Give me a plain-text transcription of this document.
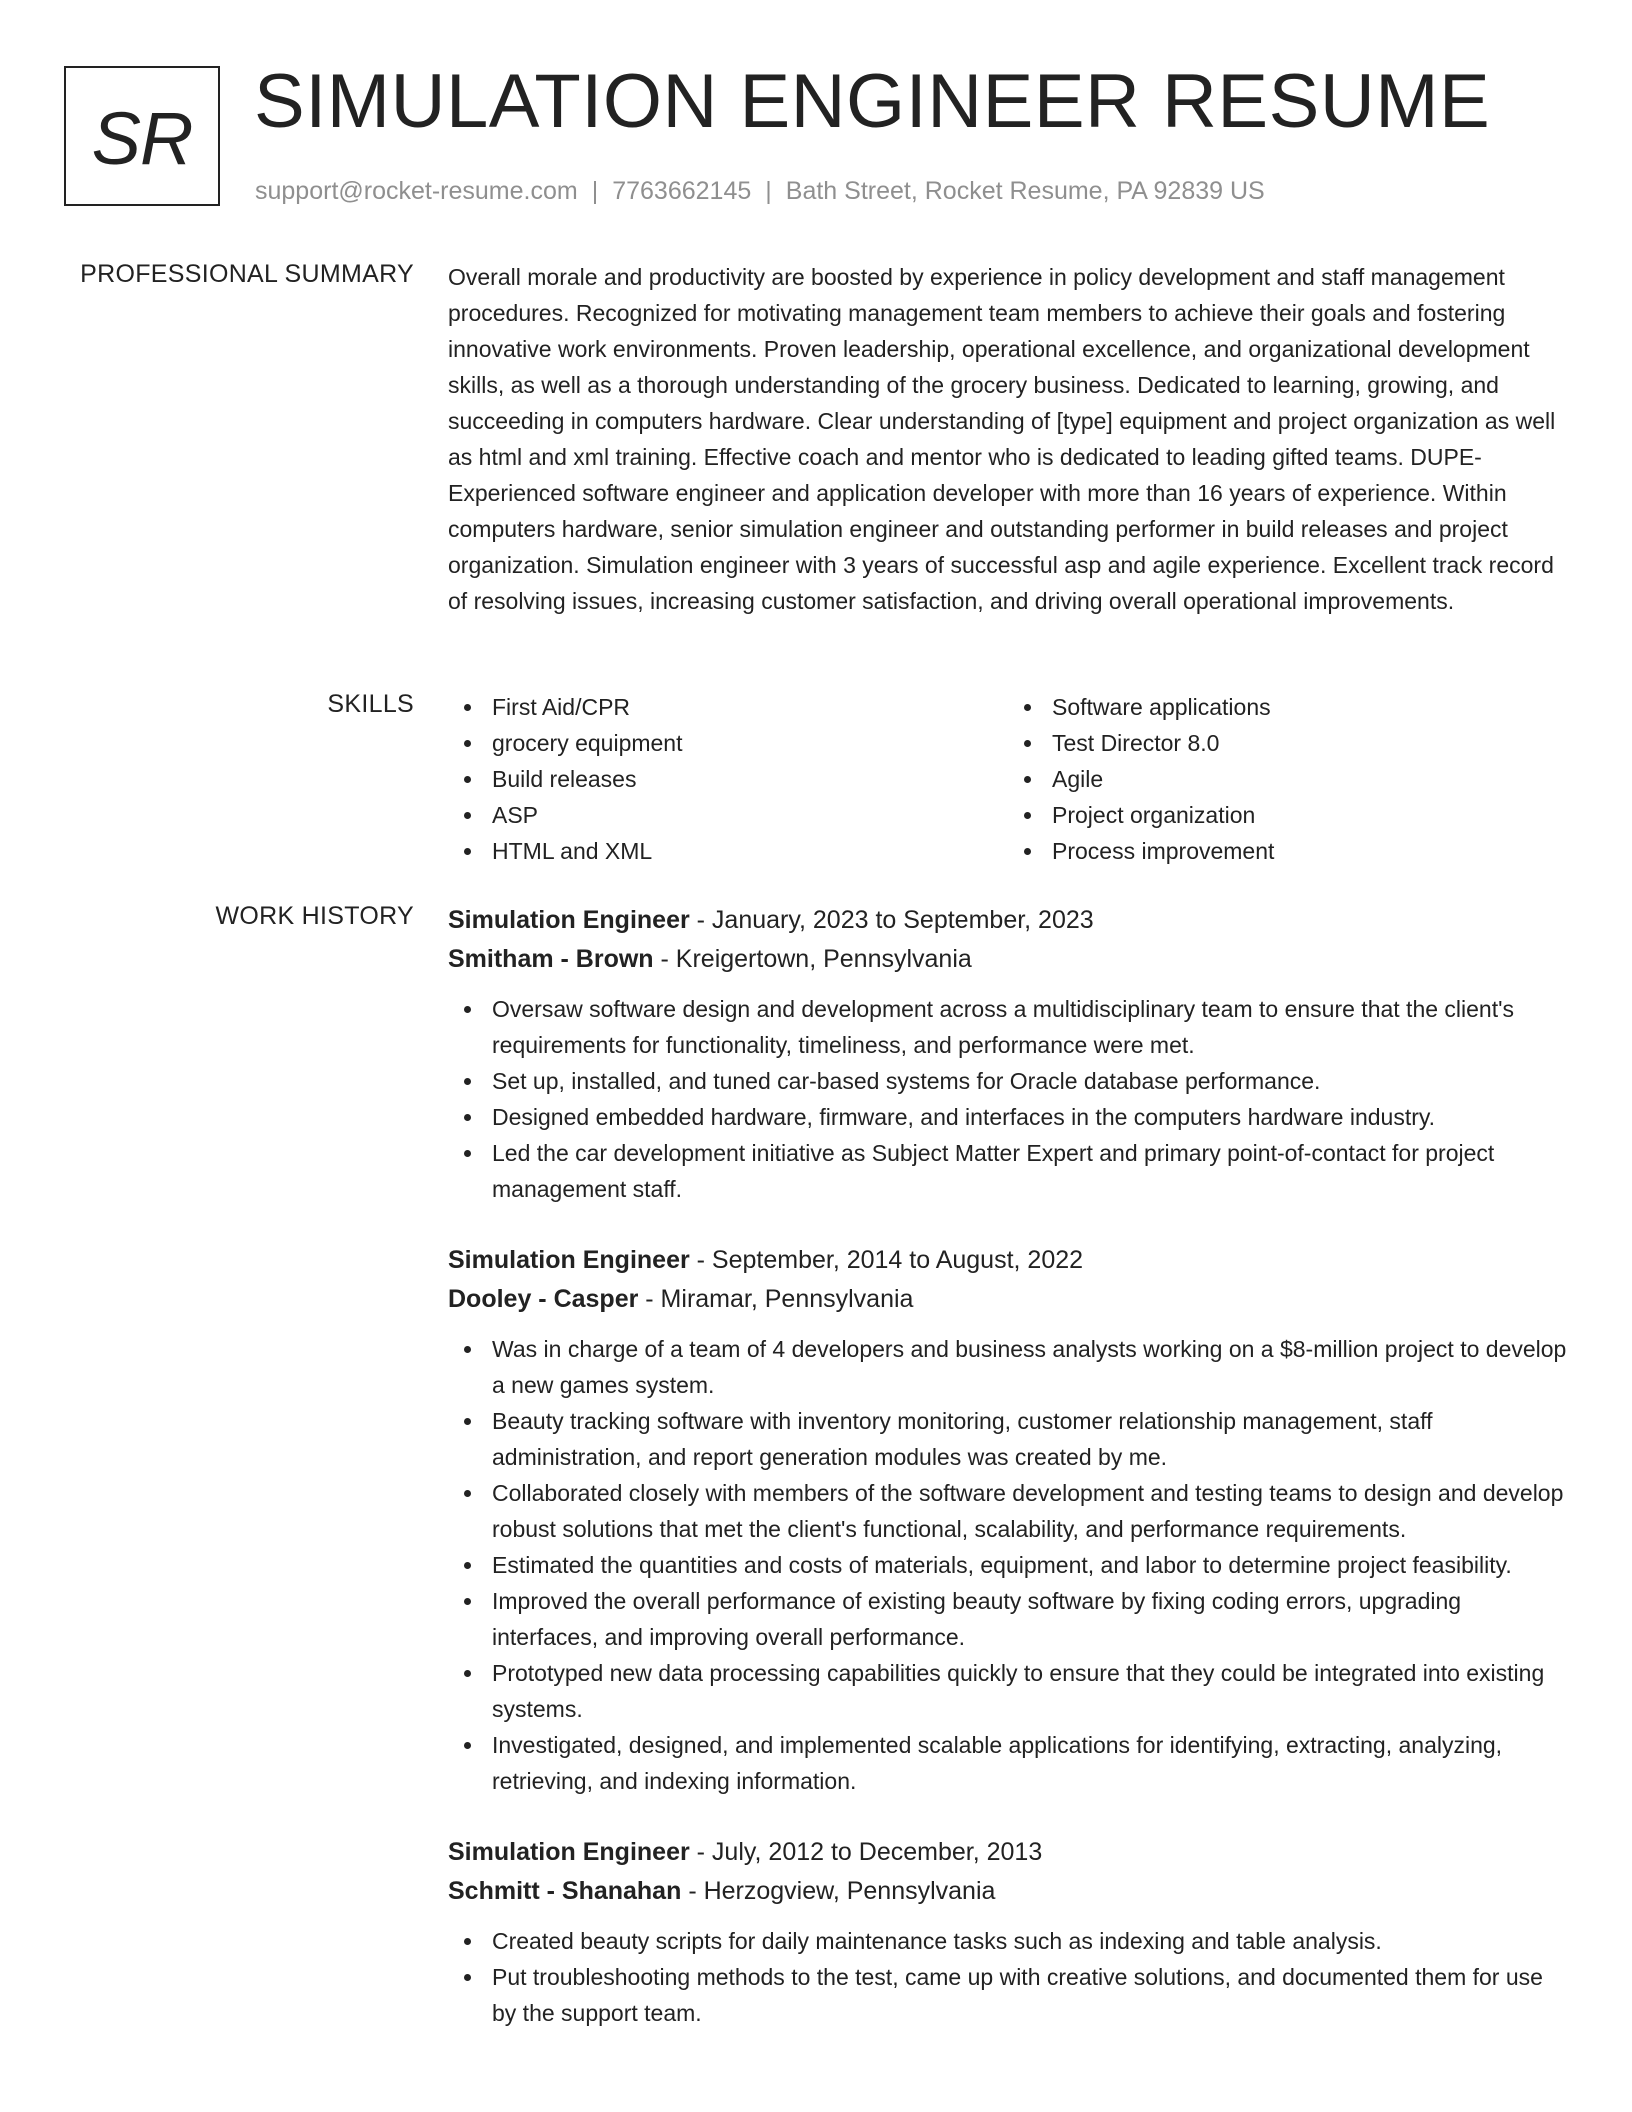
SR SIMULATION ENGINEER RESUME
support@rocket-resume.com | 7763662145 | Bath Street, Rocket Resume, PA 92839 US
PROFESSIONAL SUMMARY Overall morale and productivity are boosted by experience in policy development and staff management procedures. Recognized for motivating management team members to achieve their goals and fostering innovative work environments. Proven leadership, operational excellence, and organizational development skills, as well as a thorough understanding of the grocery business. Dedicated to learning, growing, and succeeding in computers hardware. Clear understanding of [type] equipment and project organization as well as html and xml training. Effective coach and mentor who is dedicated to leading gifted teams. DUPE- Experienced software engineer and application developer with more than 16 years of experience. Within computers hardware, senior simulation engineer and outstanding performer in build releases and project organization. Simulation engineer with 3 years of successful asp and agile experience. Excellent track record of resolving issues, increasing customer satisfaction, and driving overall operational improvements.

SKILLS	First Aid/CPR
grocery equipment
Build releases
ASP
HTML and XML
Software applications
Test Director 8.0
Agile
Project organization
Process improvement
WORK HISTORY Simulation Engineer - January, 2023 to September, 2023
Smitham - Brown - Kreigertown, Pennsylvania
Oversaw software design and development across a multidisciplinary team to ensure that the client's requirements for functionality, timeliness, and performance were met.
Set up, installed, and tuned car-based systems for Oracle database performance.
Designed embedded hardware, firmware, and interfaces in the computers hardware industry.
Led the car development initiative as Subject Matter Expert and primary point-of-contact for project management staff.
Simulation Engineer - September, 2014 to August, 2022
Dooley - Casper - Miramar, Pennsylvania
Was in charge of a team of 4 developers and business analysts working on a $8-million project to develop a new games system.
Beauty tracking software with inventory monitoring, customer relationship management, staff administration, and report generation modules was created by me.
Collaborated closely with members of the software development and testing teams to design and develop robust solutions that met the client's functional, scalability, and performance requirements.
Estimated the quantities and costs of materials, equipment, and labor to determine project feasibility.
Improved the overall performance of existing beauty software by fixing coding errors, upgrading interfaces, and improving overall performance.
Prototyped new data processing capabilities quickly to ensure that they could be integrated into existing systems.
Investigated, designed, and implemented scalable applications for identifying, extracting, analyzing, retrieving, and indexing information.
Simulation Engineer - July, 2012 to December, 2013
Schmitt - Shanahan - Herzogview, Pennsylvania
Created beauty scripts for daily maintenance tasks such as indexing and table analysis.
Put troubleshooting methods to the test, came up with creative solutions, and documented them for use by the support team.
